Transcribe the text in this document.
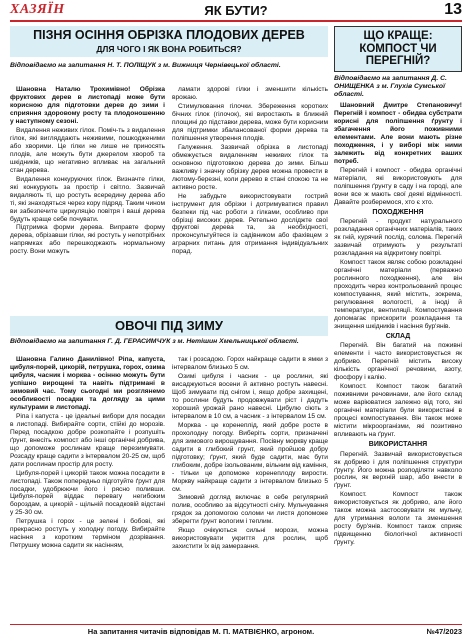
ХАЗЯЇН	ЯК БУТИ?	13
ПІЗНЯ ОСІННЯ ОБРІЗКА ПЛОДОВИХ ДЕРЕВ
ДЛЯ ЧОГО І ЯК ВОНА РОБИТЬСЯ?
Відповідаємо на запитання Н. Т. ПОЛІЩУК з м. Вижниця Чернівецької області.

Шановна Наталю Трохимівно! Обрізка фруктових дерев в листопаді може бути корисною для підготовки дерев до зими і сприяння здоровому росту та плодоношенню у наступному сезоні.

Видалення неживих гілок. Поміч-ть з видалення гілок, які вигляддають неживими, пошкодженими або хворими. Це гілки не лише не приносять плодів, але можуть бути джерелом хвороб та шкідників, що негативно впливає на загальний стан дерева.

Видалення конкуруючих гілок. Визначте гілки, які конкурують за простір і світло. Зазвичай видаляють ті, що ростуть всередину дерева або ті, які знаходяться через кору підряд. Таким чином ви забезпечите циркуляцію повітря і ваші дерева будуть краще себе почувати.

Підтримка форми дерева. Виправте форму дерева, обрізавши гілки, які ростуть у непотрібних напрямках або перешкоджають нормальному росту. Вони можуть

ламати здорові гілки і зменшити кількість врожаю.

Стимулювання гілочки. Збереження коротких бічних гілок (гілочок), які виростають в ближній площині до підставки дерева, може бути корисним для підтримки збалансованої форми дерева та поліпшення утворення плодів.

Галуження. Зазвичай обрізка в листопаді обмежується видаленням неживих гілок та основною підготовкою дерева до зими. Більш важливу і значну обрізку дерев можна провести в лютому-березні, коли дерево в стані спокою та не активно росте.

Не забудьте використовувати гострий інструмент для обрізки і дотримуватися правил безпеки під час роботи з гілками, особливо при обрізці високих дерев. Ретельно досліджте свої фруктові дерева та, за необхідності, проконсультуйтеся із садівником або фахівцем з аграрних питань для отримання індивідуальних порад.

ОВОЧІ ПІД ЗИМУ
Відповідаємо на запитання Г. Д. ГЕРАСИМЧУК з м. Нетішин Хмельницької області.

Шановна Галино Данилівно! Ріпа, капуста, цибуля-порей, цикорій, петрушка, горох, озима цибуля, часник і морква - осінню можуть бути успішно вирощені та навіть підтримані в зимовий час. Тому сьогодні ми розглянемо особливості посадки та догляду за цими культурами в листопаді.

Ріпа і капуста - це ідеальні вибори для посадки в листопаді. Вибирайте сорти, стійкі до морозів. Перед посадкою добре розкопайте і розпушіть ґрунт, внесіть компост або інші органічні добрива, що допоможе рослинам краще перезимувати. Розсаду краще садити з інтервалом 20-25 см, щоб дати рослинам простір для росту.

Цибуля-порей і цикорій також можна посадити в листопаді. Також попередньо підготуйте ґрунт для посадки, удобрюючи його і рясно поливши. Цибуля-порей віддає перевагу негибоким бороздам, а цикорій - щільній посадковій відстані у 25-30 см.

Петрушка і горох - це зелені і бобові, які прекрасно ростуть у холодну погоду. Вибирайте насіння з коротким терміном дозрівання. Петрушку можна садити як насінням,

так і розсадою. Горох найкраще садити в ямки з інтервалом близько 5 см.

Озимі цибуля і часник - це рослини, які висаджуються восени й активно ростуть навесні. Щоб зимувати під снігом і, якщо добре захищені, то рослини будуть продовжувати ріст і дадуть хороший урожай рано навесні. Цибулю сіють з інтервалом в 10 см, а часник - з інтервалом 15 см.

Морква - це коренеплід, який добре росте в прохолодну погоду. Виберіть сорти, призначені для зимового вирощування. Посівну моркву краще садити в глибокий грунт, який пройшов добру підготовку; ґрунт, який буде садити, має бути глибоким, добре ізольованим, вільним від каміння, - тільки це допоможе коренеплоду вирости. Моркву найкраще садити з інтервалом близько 5 см.

Зимовий догляд включає в себе регулярний полив, особливо за відсутності снігу. Мульчування грядок за допомогою соломи чи листя допоможе зберегти ґрунт вологим і теплим.

Якщо очікуються сильні морози, можна використовувати укриття для рослин, щоб захистити їх від замерзання.

ЩО КРАЩЕ: КОМПОСТ ЧИ ПЕРЕГНІЙ?
Відповідаємо на запитання Д. С. ОНИЩЕНКА з м. Глухів Сумської області.

Шановний Дмитре Степановичу! Перегній і компост - обидва субстрати корисні для поліпшення ґрунту і збагачення його поживними елементами. Але вони мають різне походження, і у виборі між ними залежить від конкретних ваших потреб.

Перегній і компост - обидва органічні матеріали, які використовують для поліпшення ґрунту в саду і на городі, але вони все ж мають свої деякі відмінності. Давайте розберемося, хто є хто.

ПОХОДЖЕННЯ

Перегній - продукт натурального розкладання органічних матеріалів, таких як гній, курячий послід, солома. Перегній зазвичай отримують у результаті розкладання на відкритому повітрі.

Компост також являє собою розкладені органічні матеріали (перважно рослинного походження), але він проходить через контрольований процес компостування, який містить, зокрема, регулювання вологості, а іноді й температури, вентиляції. Компостування допомагає прискорити розкладання та знищення шкідників і насіння бур'янів.

СКЛАД

Перегній. Він багатий на поживні елементи і часто використовується як добриво. Перегній містить високу кількість органічної речовини, азоту, фосфору і калію.

Компост. Компост також багатий поживними речовинами, але його склад може варіюватися залежно від того, які органічні матеріали були використані в процесі компостування. Він також може містити мікроорганізми, які позитивно впливають на ґрунт.

ВИКОРИСТАННЯ

Перегній. Зазвичай використовується як добриво і для поліпшення структури ґрунту. Його можна розподіляти навколо рослин, як верхній шар, або внести в ґрунт.

Компост. Компост також використовується як добриво, але його також можна застосовувати як мульчу, для утримання вологи та зменшення росту бур'янів. Компост також сприяє підвищенню біологічної активності ґрунту.

На запитання читачів відповідав М. П. МАТВІЄНКО, агроном.	№47/2023
